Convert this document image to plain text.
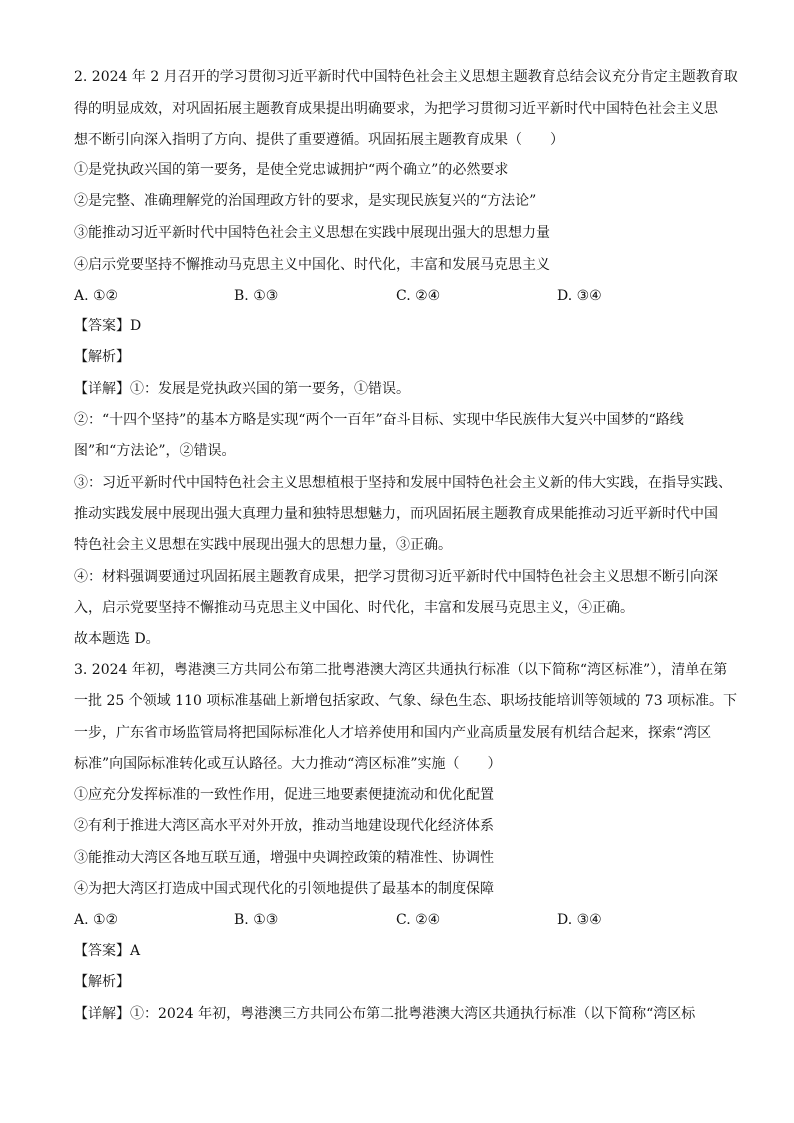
2. 2024 年 2 月召开的学习贯彻习近平新时代中国特色社会主义思想主题教育总结会议充分肯定主题教育取
得的明显成效，对巩固拓展主题教育成果提出明确要求，为把学习贯彻习近平新时代中国特色社会主义思
想不断引向深入指明了方向、提供了重要遵循。巩固拓展主题教育成果（　　）
①是党执政兴国的第一要务，是使全党忠诚拥护“两个确立”的必然要求
②是完整、准确理解党的治国理政方针的要求，是实现民族复兴的“方法论”
③能推动习近平新时代中国特色社会主义思想在实践中展现出强大的思想力量
④启示党要坚持不懈推动马克思主义中国化、时代化，丰富和发展马克思主义
A. ①②	B. ①③	C. ②④	D. ③④
【答案】D
【解析】
【详解】①：发展是党执政兴国的第一要务，①错误。
②：“十四个坚持”的基本方略是实现“两个一百年”奋斗目标、实现中华民族伟大复兴中国梦的“路线
图”和“方法论”，②错误。
③：习近平新时代中国特色社会主义思想植根于坚持和发展中国特色社会主义新的伟大实践，在指导实践、
推动实践发展中展现出强大真理力量和独特思想魅力，而巩固拓展主题教育成果能推动习近平新时代中国
特色社会主义思想在实践中展现出强大的思想力量，③正确。
④：材料强调要通过巩固拓展主题教育成果，把学习贯彻习近平新时代中国特色社会主义思想不断引向深
入，启示党要坚持不懈推动马克思主义中国化、时代化，丰富和发展马克思主义，④正确。
故本题选 D。
3. 2024 年初，粤港澳三方共同公布第二批粤港澳大湾区共通执行标准（以下简称“湾区标准”），清单在第
一批 25 个领域 110 项标准基础上新增包括家政、气象、绿色生态、职场技能培训等领域的 73 项标准。下
一步，广东省市场监管局将把国际标准化人才培养使用和国内产业高质量发展有机结合起来，探索“湾区
标准”向国际标准转化或互认路径。大力推动“湾区标准”实施（　　）
①应充分发挥标准的一致性作用，促进三地要素便捷流动和优化配置
②有利于推进大湾区高水平对外开放，推动当地建设现代化经济体系
③能推动大湾区各地互联互通，增强中央调控政策的精准性、协调性
④为把大湾区打造成中国式现代化的引领地提供了最基本的制度保障
A. ①②	B. ①③	C. ②④	D. ③④
【答案】A
【解析】
【详解】①：2024 年初，粤港澳三方共同公布第二批粤港澳大湾区共通执行标准（以下简称“湾区标
